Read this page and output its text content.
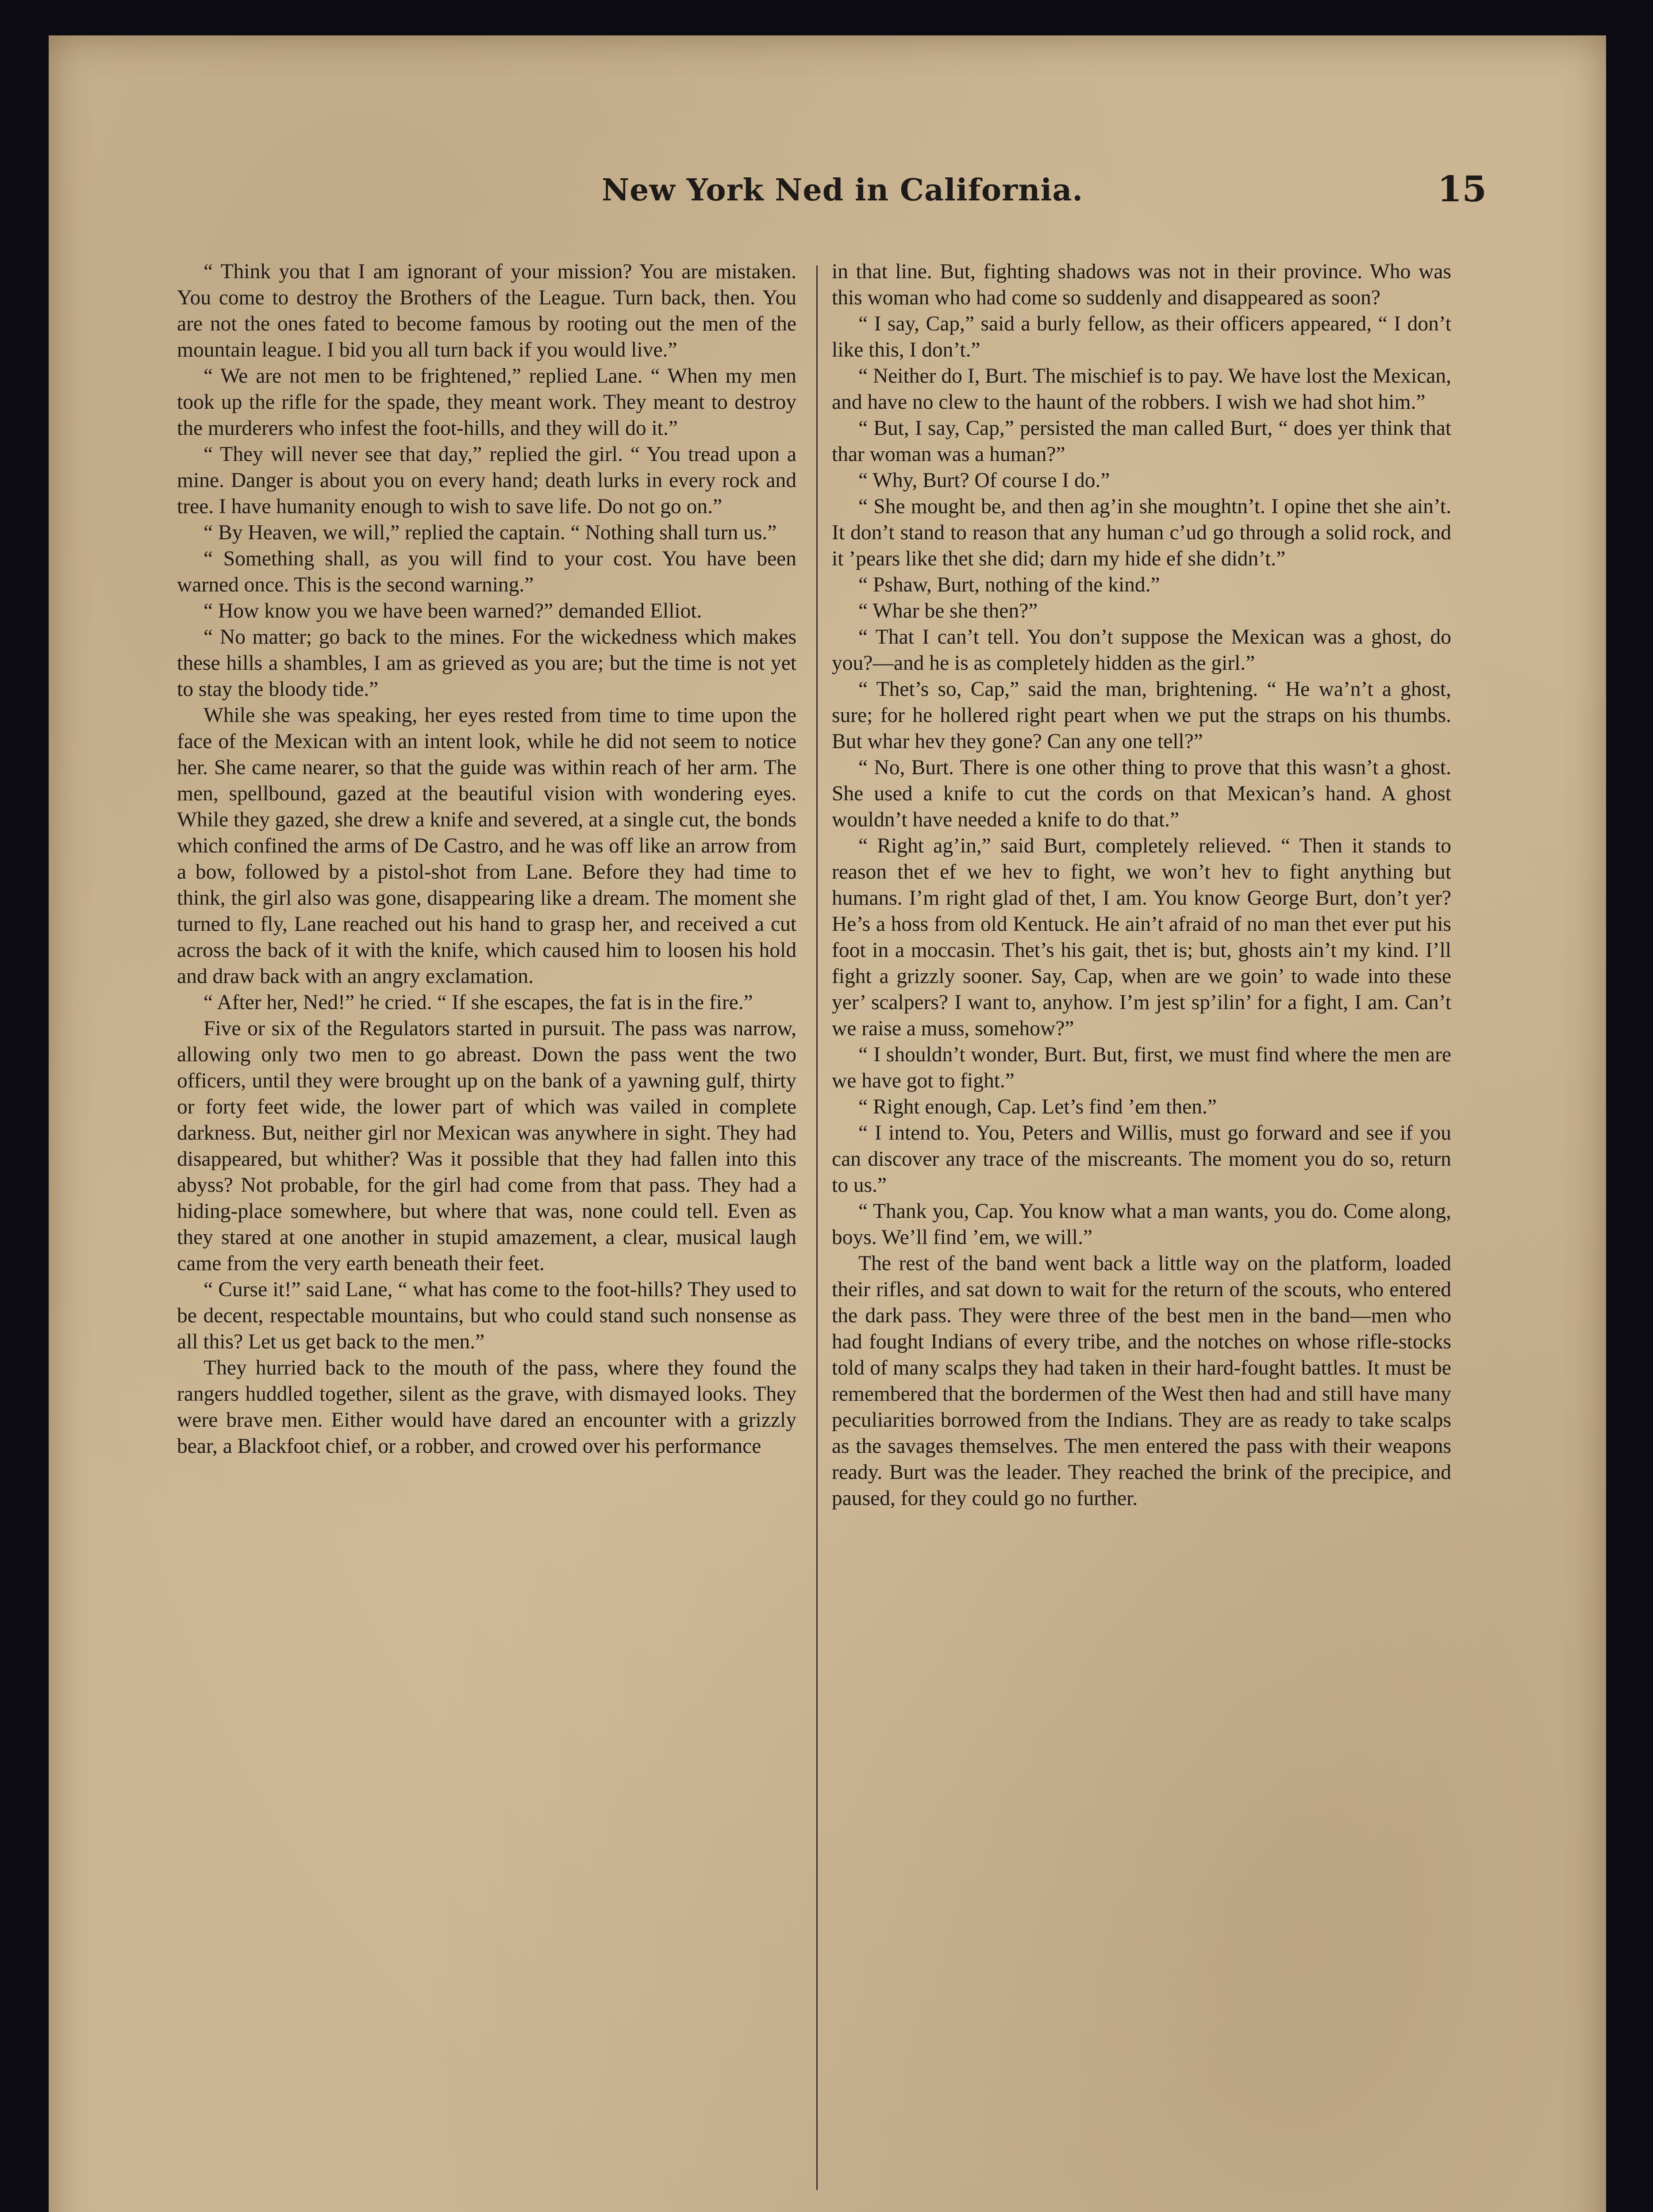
New York Ned in California.	15

“ Think you that I am ignorant of your mission? You are mistaken. You come to destroy the Brothers of the League. Turn back, then. You are not the ones fated to become famous by rooting out the men of the mountain league. I bid you all turn back if you would live.”

“ We are not men to be frightened,” replied Lane. “ When my men took up the rifle for the spade, they meant work. They meant to destroy the murderers who infest the foot-hills, and they will do it.”

“ They will never see that day,” replied the girl. “ You tread upon a mine. Danger is about you on every hand; death lurks in every rock and tree. I have humanity enough to wish to save life. Do not go on.”

“ By Heaven, we will,” replied the captain. “ Nothing shall turn us.”

“ Something shall, as you will find to your cost. You have been warned once. This is the second warning.”

“ How know you we have been warned?” demanded Elliot.

“ No matter; go back to the mines. For the wickedness which makes these hills a shambles, I am as grieved as you are; but the time is not yet to stay the bloody tide.”

While she was speaking, her eyes rested from time to time upon the face of the Mexican with an intent look, while he did not seem to notice her. She came nearer, so that the guide was within reach of her arm. The men, spellbound, gazed at the beautiful vision with wondering eyes. While they gazed, she drew a knife and severed, at a single cut, the bonds which confined the arms of De Castro, and he was off like an arrow from a bow, followed by a pistol-shot from Lane. Before they had time to think, the girl also was gone, disappearing like a dream. The moment she turned to fly, Lane reached out his hand to grasp her, and received a cut across the back of it with the knife, which caused him to loosen his hold and draw back with an angry exclamation.

“ After her, Ned!” he cried. “ If she escapes, the fat is in the fire.”

Five or six of the Regulators started in pursuit. The pass was narrow, allowing only two men to go abreast. Down the pass went the two officers, until they were brought up on the bank of a yawning gulf, thirty or forty feet wide, the lower part of which was vailed in complete darkness. But, neither girl nor Mexican was anywhere in sight. They had disappeared, but whither? Was it possible that they had fallen into this abyss? Not probable, for the girl had come from that pass. They had a hiding-place somewhere, but where that was, none could tell. Even as they stared at one another in stupid amazement, a clear, musical laugh came from the very earth beneath their feet.

“ Curse it!” said Lane, “ what has come to the foot-hills? They used to be decent, respectable mountains, but who could stand such nonsense as all this? Let us get back to the men.”

They hurried back to the mouth of the pass, where they found the rangers huddled together, silent as the grave, with dismayed looks. They were brave men. Either would have dared an encounter with a grizzly bear, a Blackfoot chief, or a robber, and crowed over his performance

in that line. But, fighting shadows was not in their province. Who was this woman who had come so suddenly and disappeared as soon?

“ I say, Cap,” said a burly fellow, as their officers appeared, “ I don’t like this, I don’t.”

“ Neither do I, Burt. The mischief is to pay. We have lost the Mexican, and have no clew to the haunt of the robbers. I wish we had shot him.”

“ But, I say, Cap,” persisted the man called Burt, “ does yer think that thar woman was a human?”

“ Why, Burt? Of course I do.”

“ She mought be, and then ag’in she moughtn’t. I opine thet she ain’t. It don’t stand to reason that any human c’ud go through a solid rock, and it ’pears like thet she did; darn my hide ef she didn’t.”

“ Pshaw, Burt, nothing of the kind.”

“ Whar be she then?”

“ That I can’t tell. You don’t suppose the Mexican was a ghost, do you?—and he is as completely hidden as the girl.”

“ Thet’s so, Cap,” said the man, brightening. “ He wa’n’t a ghost, sure; for he hollered right peart when we put the straps on his thumbs. But whar hev they gone? Can any one tell?”

“ No, Burt. There is one other thing to prove that this wasn’t a ghost. She used a knife to cut the cords on that Mexican’s hand. A ghost wouldn’t have needed a knife to do that.”

“ Right ag’in,” said Burt, completely relieved. “ Then it stands to reason thet ef we hev to fight, we won’t hev to fight anything but humans. I’m right glad of thet, I am. You know George Burt, don’t yer? He’s a hoss from old Kentuck. He ain’t afraid of no man thet ever put his foot in a moccasin. Thet’s his gait, thet is; but, ghosts ain’t my kind. I’ll fight a grizzly sooner. Say, Cap, when are we goin’ to wade into these yer’ scalpers? I want to, anyhow. I’m jest sp’ilin’ for a fight, I am. Can’t we raise a muss, somehow?”

“ I shouldn’t wonder, Burt. But, first, we must find where the men are we have got to fight.”

“ Right enough, Cap. Let’s find ’em then.”

“ I intend to. You, Peters and Willis, must go forward and see if you can discover any trace of the miscreants. The moment you do so, return to us.”

“ Thank you, Cap. You know what a man wants, you do. Come along, boys. We’ll find ’em, we will.”

The rest of the band went back a little way on the platform, loaded their rifles, and sat down to wait for the return of the scouts, who entered the dark pass. They were three of the best men in the band—men who had fought Indians of every tribe, and the notches on whose rifle-stocks told of many scalps they had taken in their hard-fought battles. It must be remembered that the bordermen of the West then had and still have many peculiarities borrowed from the Indians. They are as ready to take scalps as the savages themselves. The men entered the pass with their weapons ready. Burt was the leader. They reached the brink of the precipice, and paused, for they could go no further.
